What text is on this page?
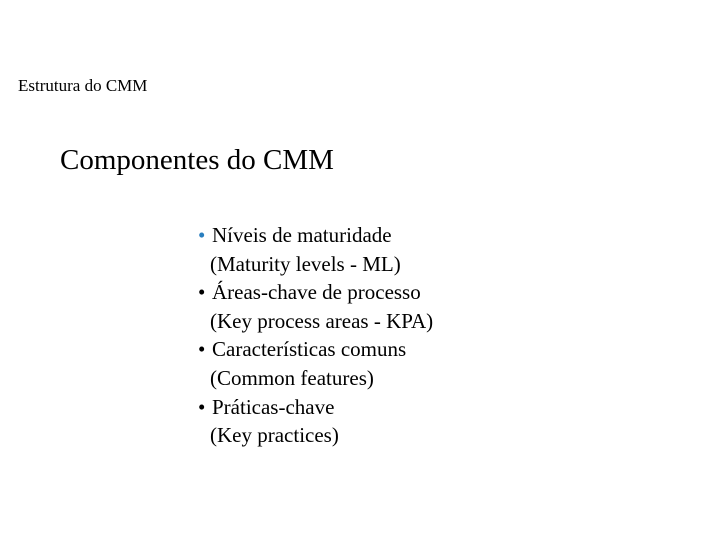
Estrutura do CMM
Componentes do CMM
• Níveis de maturidade
(Maturity levels - ML)
• Áreas-chave de processo
(Key process areas - KPA)
• Características comuns
(Common features)
• Práticas-chave
(Key practices)
